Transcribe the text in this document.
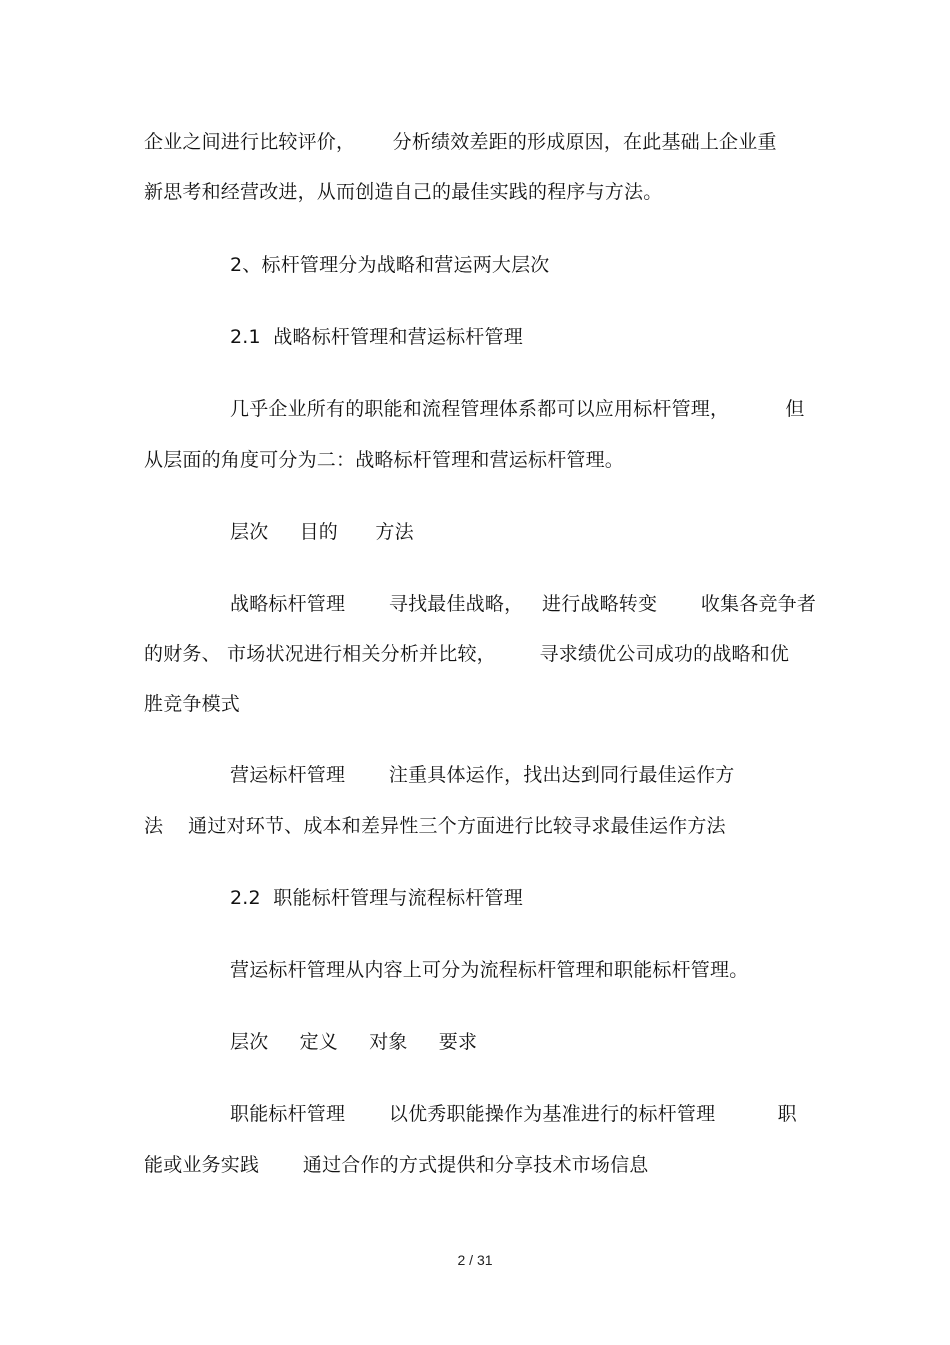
企业之间进行比较评价，      分析绩效差距的形成原因，在此基础上企业重
新思考和经营改进，从而创造自己的最佳实践的程序与方法。
2、标杆管理分为战略和营运两大层次
2.1  战略标杆管理和营运标杆管理
几乎企业所有的职能和流程管理体系都可以应用标杆管理，         但
从层面的角度可分为二：战略标杆管理和营运标杆管理。
层次     目的      方法
战略标杆管理       寻找最佳战略，   进行战略转变       收集各竞争者
的财务、 市场状况进行相关分析并比较，       寻求绩优公司成功的战略和优
胜竞争模式
营运标杆管理       注重具体运作，找出达到同行最佳运作方
法    通过对环节、成本和差异性三个方面进行比较寻求最佳运作方法
2.2  职能标杆管理与流程标杆管理
营运标杆管理从内容上可分为流程标杆管理和职能标杆管理。
层次     定义     对象     要求
职能标杆管理       以优秀职能操作为基准进行的标杆管理          职
能或业务实践       通过合作的方式提供和分享技术市场信息
2 / 31
